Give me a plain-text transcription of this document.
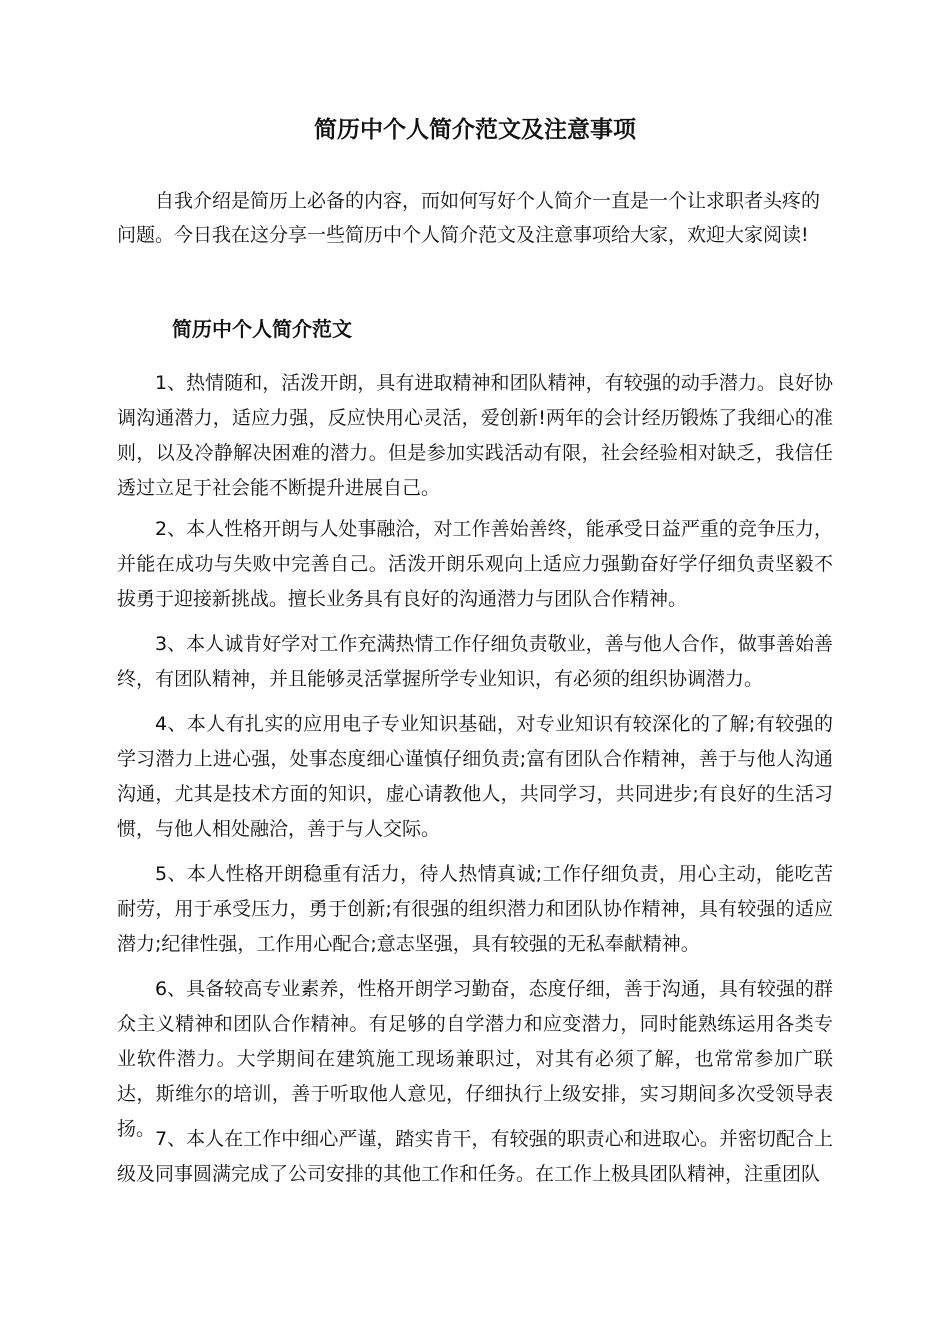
简历中个人简介范文及注意事项

自我介绍是简历上必备的内容，而如何写好个人简介一直是一个让求职者头疼的问题。今日我在这分享一些简历中个人简介范文及注意事项给大家，欢迎大家阅读!

简历中个人简介范文

1、热情随和，活泼开朗，具有进取精神和团队精神，有较强的动手潜力。良好协调沟通潜力，适应力强，反应快用心灵活，爱创新!两年的会计经历锻炼了我细心的准则，以及冷静解决困难的潜力。但是参加实践活动有限，社会经验相对缺乏，我信任透过立足于社会能不断提升进展自己。

2、本人性格开朗与人处事融洽，对工作善始善终，能承受日益严重的竞争压力，并能在成功与失败中完善自己。活泼开朗乐观向上适应力强勤奋好学仔细负责坚毅不拔勇于迎接新挑战。擅长业务具有良好的沟通潜力与团队合作精神。

3、本人诚肯好学对工作充满热情工作仔细负责敬业，善与他人合作，做事善始善终，有团队精神，并且能够灵活掌握所学专业知识，有必须的组织协调潜力。

4、本人有扎实的应用电子专业知识基础，对专业知识有较深化的了解;有较强的学习潜力上进心强，处事态度细心谨慎仔细负责;富有团队合作精神，善于与他人沟通沟通，尤其是技术方面的知识，虚心请教他人，共同学习，共同进步;有良好的生活习惯，与他人相处融洽，善于与人交际。

5、本人性格开朗稳重有活力，待人热情真诚;工作仔细负责，用心主动，能吃苦耐劳，用于承受压力，勇于创新;有很强的组织潜力和团队协作精神，具有较强的适应潜力;纪律性强，工作用心配合;意志坚强，具有较强的无私奉献精神。

6、具备较高专业素养，性格开朗学习勤奋，态度仔细，善于沟通，具有较强的群众主义精神和团队合作精神。有足够的自学潜力和应变潜力，同时能熟练运用各类专业软件潜力。大学期间在建筑施工现场兼职过，对其有必须了解，也常常参加广联达，斯维尔的培训，善于听取他人意见，仔细执行上级安排，实习期间多次受领导表扬。 7、本人在工作中细心严谨，踏实肯干，有较强的职责心和进取心。并密切配合上级及同事圆满完成了公司安排的其他工作和任务。在工作上极具团队精神，注重团队
